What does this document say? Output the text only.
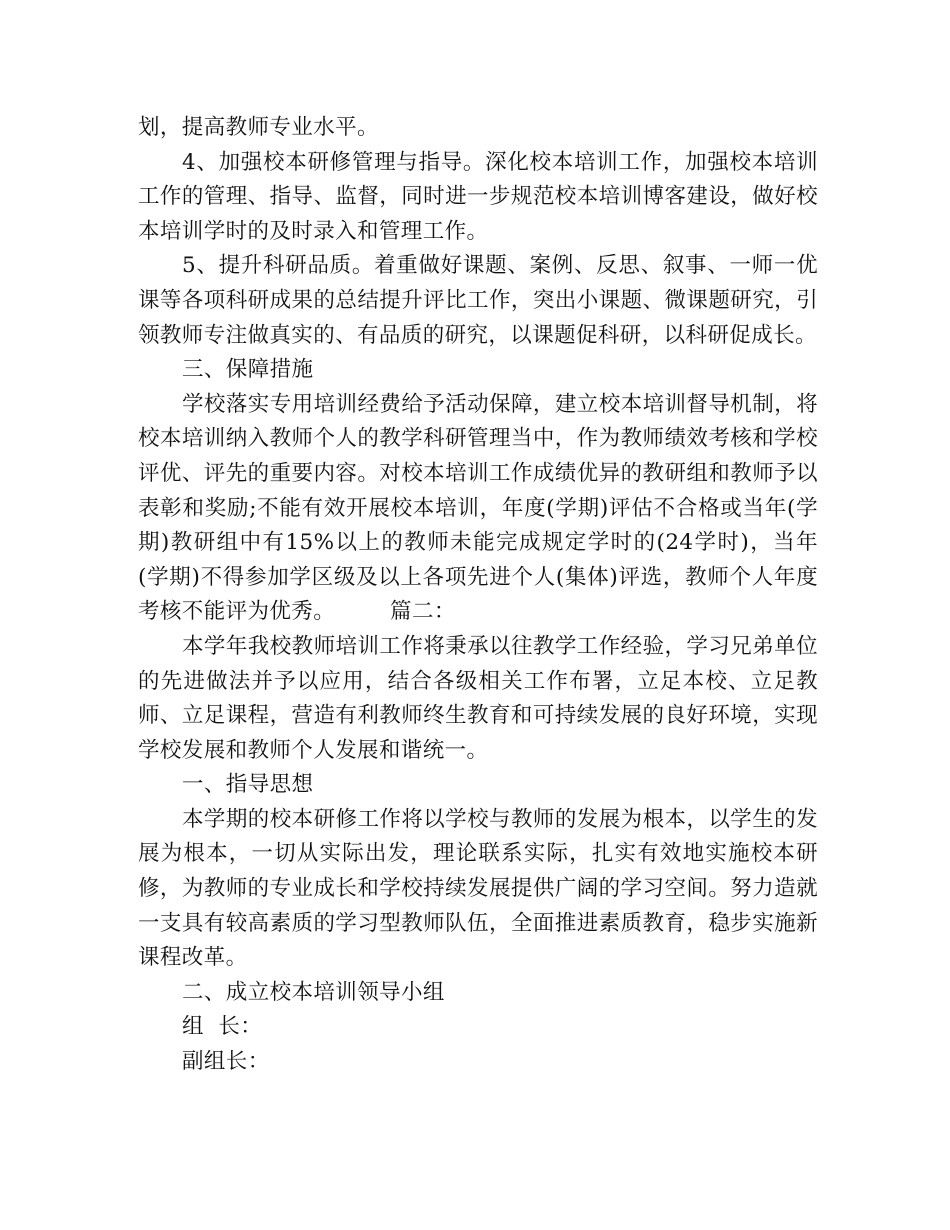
划，提高教师专业水平。

4、加强校本研修管理与指导。深化校本培训工作，加强校本培训工作的管理、指导、监督，同时进一步规范校本培训博客建设，做好校本培训学时的及时录入和管理工作。

5、提升科研品质。着重做好课题、案例、反思、叙事、一师一优课等各项科研成果的总结提升评比工作，突出小课题、微课题研究，引领教师专注做真实的、有品质的研究，以课题促科研，以科研促成长。

三、保障措施

学校落实专用培训经费给予活动保障，建立校本培训督导机制，将校本培训纳入教师个人的教学科研管理当中，作为教师绩效考核和学校评优、评先的重要内容。对校本培训工作成绩优异的教研组和教师予以表彰和奖励;不能有效开展校本培训，年度(学期)评估不合格或当年(学期)教研组中有15%以上的教师未能完成规定学时的(24学时)，当年(学期)不得参加学区级及以上各项先进个人(集体)评选，教师个人年度考核不能评为优秀。　　　篇二：

本学年我校教师培训工作将秉承以往教学工作经验，学习兄弟单位的先进做法并予以应用，结合各级相关工作布署，立足本校、立足教师、立足课程，营造有利教师终生教育和可持续发展的良好环境，实现学校发展和教师个人发展和谐统一。

一、指导思想

本学期的校本研修工作将以学校与教师的发展为根本，以学生的发展为根本，一切从实际出发，理论联系实际，扎实有效地实施校本研修，为教师的专业成长和学校持续发展提供广阔的学习空间。努力造就一支具有较高素质的学习型教师队伍，全面推进素质教育，稳步实施新课程改革。

二、成立校本培训领导小组

组  长：

副组长：
